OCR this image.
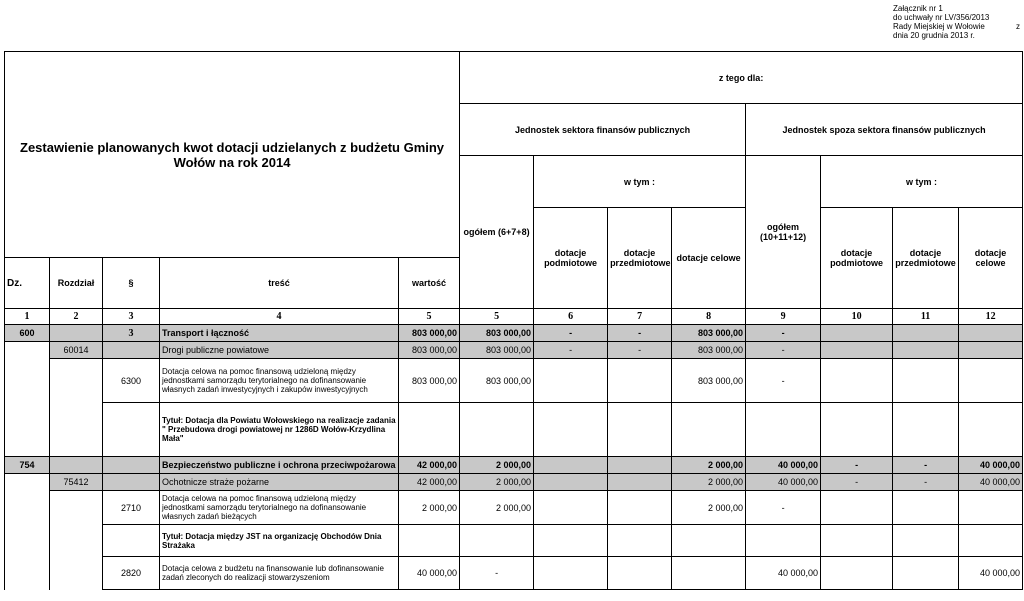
Załącznik nr 1
do uchwały nr LV/356/2013
Rady Miejskiej w Wołowie
dnia 20 grudnia 2013 r.
z
Zestawienie planowanych kwot dotacji udzielanych z budżetu Gminy Wołów na rok 2014					z tego dla:							
					Jednostek sektora finansów publicznych				Jednostek spoza sektora finansów publicznych			
					ogółem (6+7+8)	w tym :			ogółem (10+11+12)	w tym :		
						dotacje podmiotowe	dotacje przedmiotowe	dotacje celowe		dotacje podmiotowe	dotacje przedmiotowe	dotacje celowe
Dz.	Rozdział	§	treść	wartość								
1	2	3	4	5	5	6	7	8	9	10	11	12
600		3	Transport i łączność	803 000,00	803 000,00	-	-	803 000,00	-			
	60014		Drogi publiczne powiatowe	803 000,00	803 000,00	-	-	803 000,00	-			
		6300	Dotacja celowa na pomoc finansową udzieloną między jednostkami samorządu terytorialnego na dofinansowanie własnych zadań inwestycyjnych i zakupów inwestycyjnych	803 000,00	803 000,00			803 000,00	-			
			Tytuł: Dotacja dla Powiatu Wołowskiego na realizacje zadania " Przebudowa drogi powiatowej nr 1286D Wołów-Krzydlina Mała"									
754			Bezpieczeństwo publiczne i ochrona przeciwpożarowa	42 000,00	2 000,00			2 000,00	40 000,00	-	-	40 000,00
	75412		Ochotnicze straże pożarne	42 000,00	2 000,00			2 000,00	40 000,00	-	-	40 000,00
		2710	Dotacja celowa na pomoc finansową udzieloną między jednostkami samorządu terytorialnego na dofinansowanie własnych zadań bieżących	2 000,00	2 000,00			2 000,00	-			
			Tytuł: Dotacja między JST na organizację Obchodów Dnia Strażaka									
		2820	Dotacja celowa z budżetu na finansowanie lub dofinansowanie zadań zleconych do realizacji stowarzyszeniom	40 000,00	-				40 000,00			40 000,00
